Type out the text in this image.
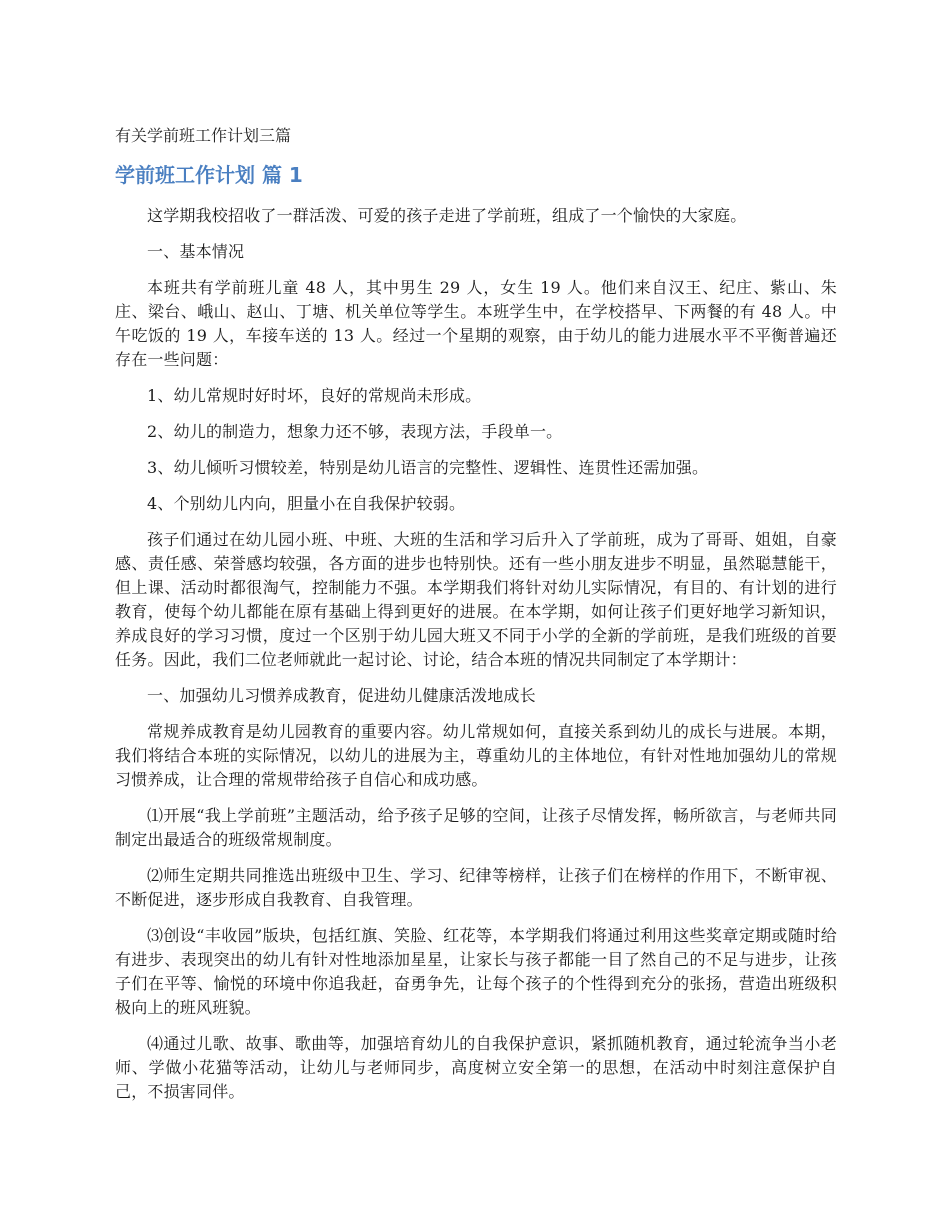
有关学前班工作计划三篇
学前班工作计划 篇 1

这学期我校招收了一群活泼、可爱的孩子走进了学前班，组成了一个愉快的大家庭。

一、基本情况

本班共有学前班儿童 48 人，其中男生 29 人，女生 19 人。他们来自汉王、纪庄、紫山、朱庄、梁台、峨山、赵山、丁塘、机关单位等学生。本班学生中，在学校搭早、下两餐的有 48 人。中午吃饭的 19 人，车接车送的 13 人。经过一个星期的观察，由于幼儿的能力进展水平不平衡普遍还存在一些问题：

1、幼儿常规时好时坏，良好的常规尚未形成。

2、幼儿的制造力，想象力还不够，表现方法，手段单一。

3、幼儿倾听习惯较差，特别是幼儿语言的完整性、逻辑性、连贯性还需加强。

4、个别幼儿内向，胆量小在自我保护较弱。

孩子们通过在幼儿园小班、中班、大班的生活和学习后升入了学前班，成为了哥哥、姐姐，自豪感、责任感、荣誉感均较强，各方面的进步也特别快。还有一些小朋友进步不明显，虽然聪慧能干，但上课、活动时都很淘气，控制能力不强。本学期我们将针对幼儿实际情况，有目的、有计划的进行教育，使每个幼儿都能在原有基础上得到更好的进展。在本学期，如何让孩子们更好地学习新知识，养成良好的学习习惯，度过一个区别于幼儿园大班又不同于小学的全新的学前班，是我们班级的首要任务。因此，我们二位老师就此一起讨论、讨论，结合本班的情况共同制定了本学期计：

一、加强幼儿习惯养成教育，促进幼儿健康活泼地成长

常规养成教育是幼儿园教育的重要内容。幼儿常规如何，直接关系到幼儿的成长与进展。本期，我们将结合本班的实际情况，以幼儿的进展为主，尊重幼儿的主体地位，有针对性地加强幼儿的常规习惯养成，让合理的常规带给孩子自信心和成功感。

⑴开展“我上学前班”主题活动，给予孩子足够的空间，让孩子尽情发挥，畅所欲言，与老师共同制定出最适合的班级常规制度。

⑵师生定期共同推选出班级中卫生、学习、纪律等榜样，让孩子们在榜样的作用下，不断审视、不断促进，逐步形成自我教育、自我管理。

⑶创设“丰收园”版块，包括红旗、笑脸、红花等，本学期我们将通过利用这些奖章定期或随时给有进步、表现突出的幼儿有针对性地添加星星，让家长与孩子都能一目了然自己的不足与进步，让孩子们在平等、愉悦的环境中你追我赶，奋勇争先，让每个孩子的个性得到充分的张扬，营造出班级积极向上的班风班貌。

⑷通过儿歌、故事、歌曲等，加强培育幼儿的自我保护意识，紧抓随机教育，通过轮流争当小老师、学做小花猫等活动，让幼儿与老师同步，高度树立安全第一的思想，在活动中时刻注意保护自己，不损害同伴。
